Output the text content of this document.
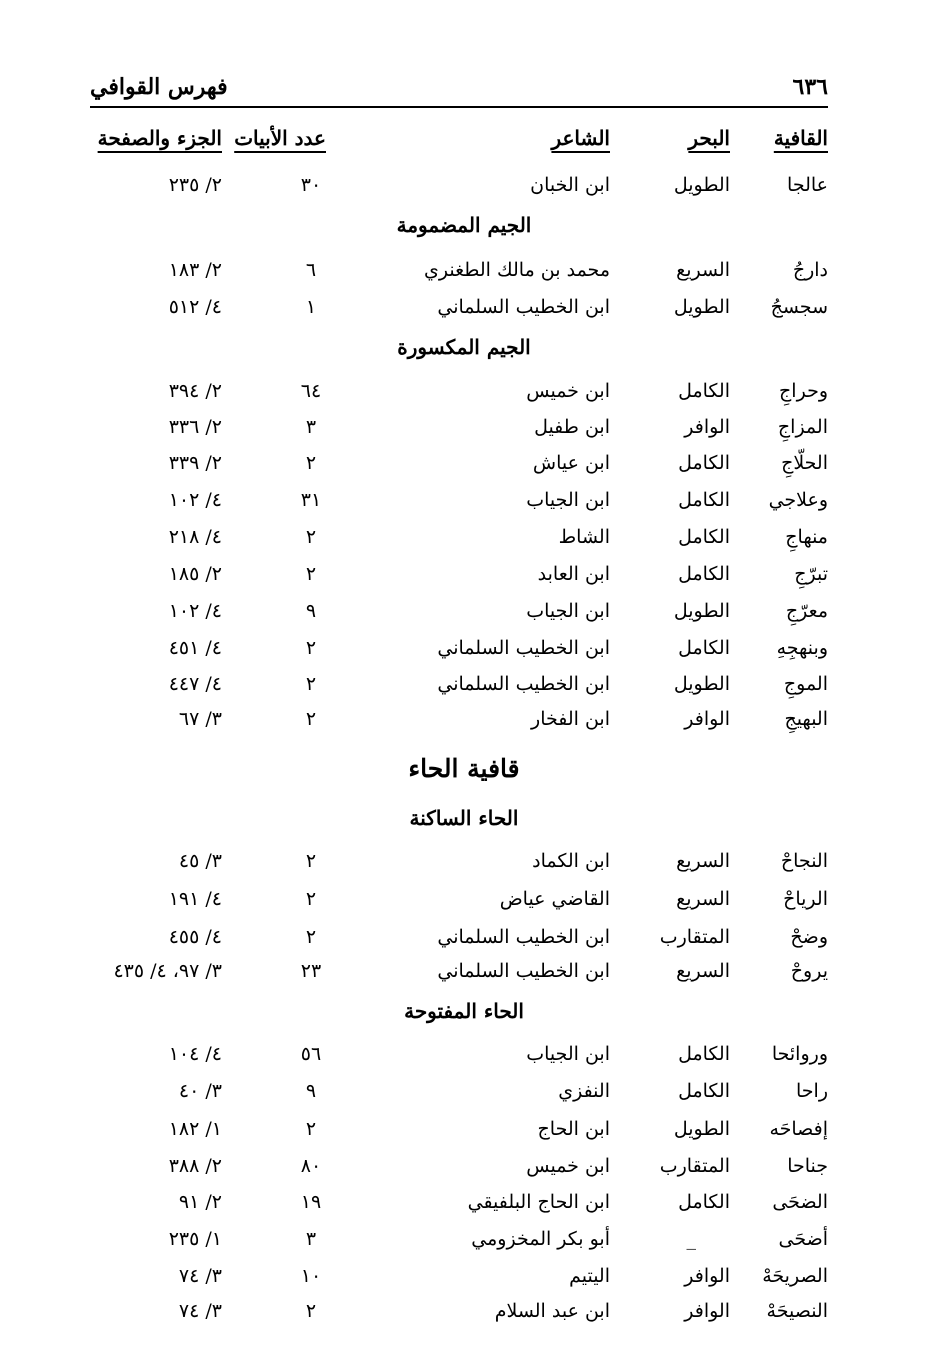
٦٣٦
فهرس القوافي
القافية
البحر
الشاعر
عدد الأبيات
الجزء والصفحة
عالجا
الطويل
ابن الخبان
٣٠
٢/ ٢٣٥
الجيم المضمومة
دارجُ
السريع
محمد بن مالك الطغنري
٦
٢/ ١٨٣
سجسجُ
الطويل
ابن الخطيب السلماني
١
٤/ ٥١٢
الجيم المكسورة
وحراجِ
الكامل
ابن خميس
٦٤
٢/ ٣٩٤
المزاجِ
الوافر
ابن طفيل
٣
٢/ ٣٣٦
الحلّاجِ
الكامل
ابن عياش
٢
٢/ ٣٣٩
وعلاجي
الكامل
ابن الجياب
٣١
٤/ ١٠٢
منهاجِ
الكامل
الشاط
٢
٤/ ٢١٨
تبرّجِ
الكامل
ابن العابد
٢
٢/ ١٨٥
معرّجِ
الطويل
ابن الجياب
٩
٤/ ١٠٢
وبنهجِهِ
الكامل
ابن الخطيب السلماني
٢
٤/ ٤٥١
الموجِ
الطويل
ابن الخطيب السلماني
٢
٤/ ٤٤٧
البهيجِ
الوافر
ابن الفخار
٢
٣/ ٦٧
قافية الحاء
الحاء الساكنة
النجاحْ
السريع
ابن الكماد
٢
٣/ ٤٥
الرياحْ
السريع
القاضي عياض
٢
٤/ ١٩١
وضحْ
المتقارب
ابن الخطيب السلماني
٢
٤/ ٤٥٥
يروحْ
السريع
ابن الخطيب السلماني
٢٣
٣/ ٩٧، ٤/ ٤٣٥
الحاء المفتوحة
وروائحا
الكامل
ابن الجياب
٥٦
٤/ ١٠٤
راحا
الكامل
النفزي
٩
٣/ ٤٠
إفصاحَه
الطويل
ابن الحاج
٢
١/ ١٨٢
جناحا
المتقارب
ابن خميس
٨٠
٢/ ٣٨٨
الضحَى
الكامل
ابن الحاج البلفيقي
١٩
٢/ ٩١
أضحَى
_
أبو بكر المخزومي
٣
١/ ٢٣٥
الصريحَهْ
الوافر
اليتيم
١٠
٣/ ٧٤
النصيحَهْ
الوافر
ابن عبد السلام
٢
٣/ ٧٤
